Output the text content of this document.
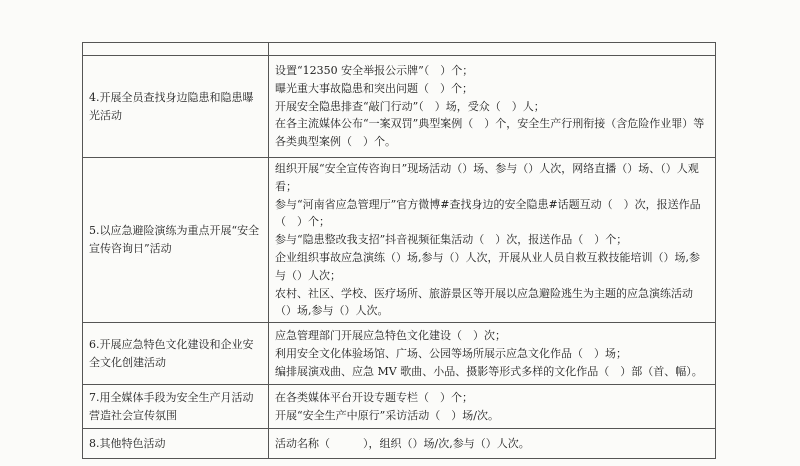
4.开展全员查找身边隐患和隐患曝光活动	设置“12350 安全举报公示牌”（　）个；
曝光重大事故隐患和突出问题（　）个；
开展安全隐患排查“敲门行动”（　）场，受众（　）人；
在各主流媒体公布“一案双罚”典型案例（　）个，安全生产行刑衔接（含危险作业罪）等各类典型案例（　）个。

5.以应急避险演练为重点开展“安全宣传咨询日”活动	组织开展“安全宣传咨询日”现场活动（）场、参与（）人次，网络直播（）场、（）人观看；
参与“河南省应急管理厅”官方微博#查找身边的安全隐患#话题互动（　）次，报送作品（　）个；
参与“隐患整改我支招”抖音视频征集活动（　）次，报送作品（　）个；
企业组织事故应急演练（）场,参与（）人次，开展从业人员自救互救技能培训（）场,参与（）人次；
农村、社区、学校、医疗场所、旅游景区等开展以应急避险逃生为主题的应急演练活动（）场,参与（）人次。

6.开展应急特色文化建设和企业安全文化创建活动	应急管理部门开展应急特色文化建设（　）次；
利用安全文化体验场馆、广场、公园等场所展示应急文化作品（　）场；
编排展演戏曲、应急 MV 歌曲、小品、摄影等形式多样的文化作品（　）部（首、幅）。

7.用全媒体手段为安全生产月活动营造社会宣传氛围	在各类媒体平台开设专题专栏（　）个；
开展“安全生产中原行”采访活动（　）场/次。

8.其他特色活动	活动名称（　　　），组织（）场/次,参与（）人次。
